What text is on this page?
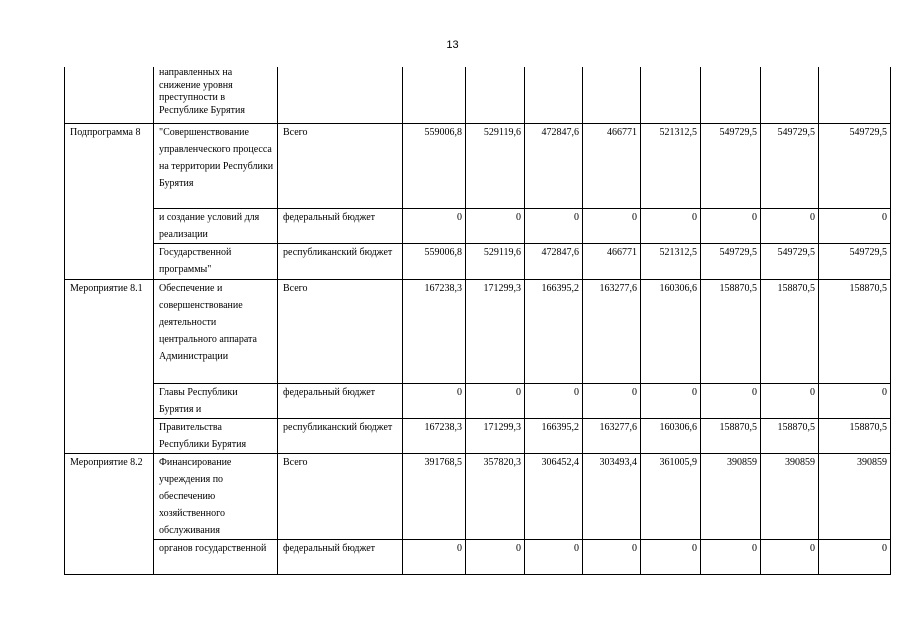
13
	направленных на снижение уровня преступности в Республике Бурятия									
Подпрограмма 8	"Совершенствование управленческого процесса на территории Республики Бурятия	Всего	559006,8	529119,6	472847,6	466771	521312,5	549729,5	549729,5	549729,5
	и создание условий для реализации	федеральный бюджет	0	0	0	0	0	0	0	0
	Государственной программы"	республиканский бюджет	559006,8	529119,6	472847,6	466771	521312,5	549729,5	549729,5	549729,5
Мероприятие 8.1	Обеспечение и совершенствование деятельности центрального аппарата Администрации	Всего	167238,3	171299,3	166395,2	163277,6	160306,6	158870,5	158870,5	158870,5
	Главы Республики Бурятия и	федеральный бюджет	0	0	0	0	0	0	0	0
	Правительства Республики Бурятия	республиканский бюджет	167238,3	171299,3	166395,2	163277,6	160306,6	158870,5	158870,5	158870,5
Мероприятие 8.2	Финансирование учреждения по обеспечению хозяйственного обслуживания	Всего	391768,5	357820,3	306452,4	303493,4	361005,9	390859	390859	390859
	органов государственной	федеральный бюджет	0	0	0	0	0	0	0	0
